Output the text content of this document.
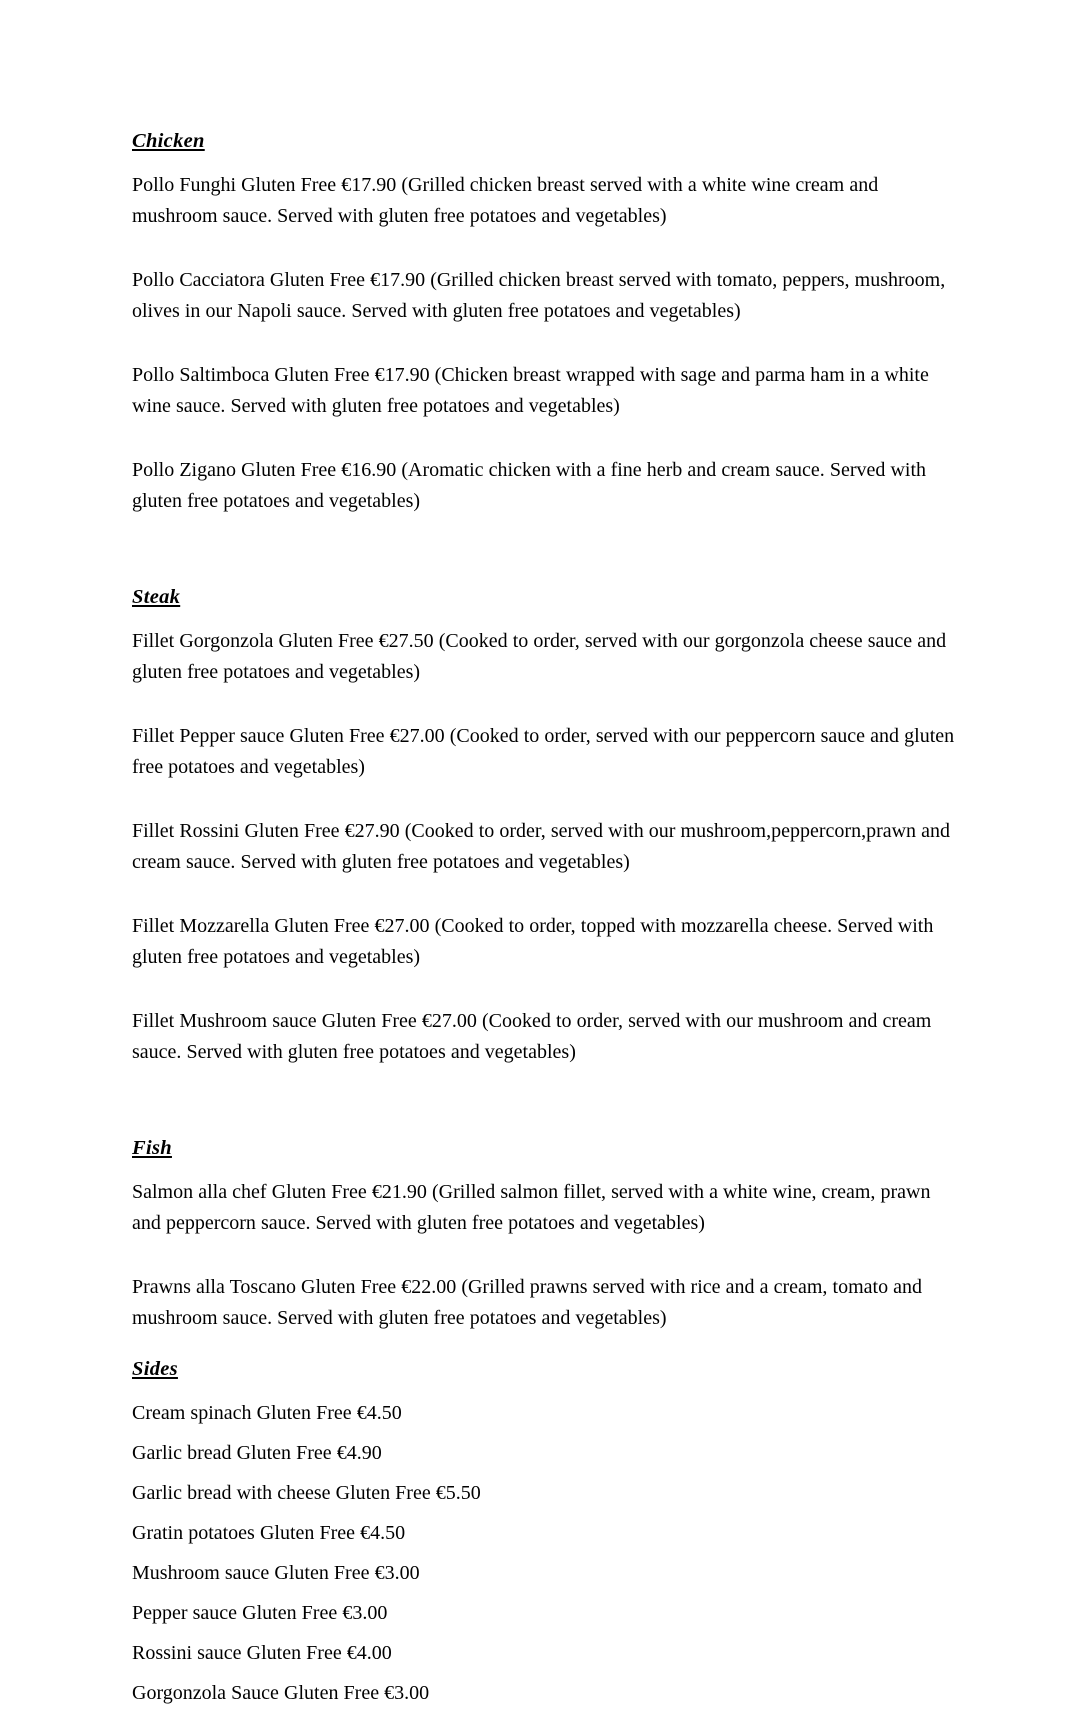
Chicken

Pollo Funghi Gluten Free €17.90 (Grilled chicken breast served with a white wine cream and mushroom sauce. Served with gluten free potatoes and vegetables)

Pollo Cacciatora Gluten Free €17.90 (Grilled chicken breast served with tomato, peppers, mushroom, olives in our Napoli sauce. Served with gluten free potatoes and vegetables)

Pollo Saltimboca Gluten Free €17.90 (Chicken breast wrapped with sage and parma ham in a white wine sauce. Served with gluten free potatoes and vegetables)

Pollo Zigano Gluten Free €16.90 (Aromatic chicken with a fine herb and cream sauce. Served with gluten free potatoes and vegetables)

Steak

Fillet Gorgonzola Gluten Free €27.50 (Cooked to order, served with our gorgonzola cheese sauce and gluten free potatoes and vegetables)

Fillet Pepper sauce Gluten Free €27.00 (Cooked to order, served with our peppercorn sauce and gluten free potatoes and vegetables)

Fillet Rossini Gluten Free €27.90 (Cooked to order, served with our mushroom,peppercorn,prawn and cream sauce. Served with gluten free potatoes and vegetables)

Fillet Mozzarella Gluten Free €27.00 (Cooked to order, topped with mozzarella cheese. Served with gluten free potatoes and vegetables)

Fillet Mushroom sauce Gluten Free €27.00 (Cooked to order, served with our mushroom and cream sauce. Served with gluten free potatoes and vegetables)

Fish

Salmon alla chef Gluten Free €21.90 (Grilled salmon fillet, served with a white wine, cream, prawn and peppercorn sauce. Served with gluten free potatoes and vegetables)

Prawns alla Toscano Gluten Free €22.00 (Grilled prawns served with rice and a cream, tomato and mushroom sauce. Served with gluten free potatoes and vegetables)

Sides

Cream spinach Gluten Free €4.50

Garlic bread Gluten Free €4.90

Garlic bread with cheese Gluten Free €5.50

Gratin potatoes Gluten Free €4.50

Mushroom sauce Gluten Free €3.00

Pepper sauce Gluten Free €3.00

Rossini sauce Gluten Free €4.00

Gorgonzola Sauce Gluten Free €3.00
